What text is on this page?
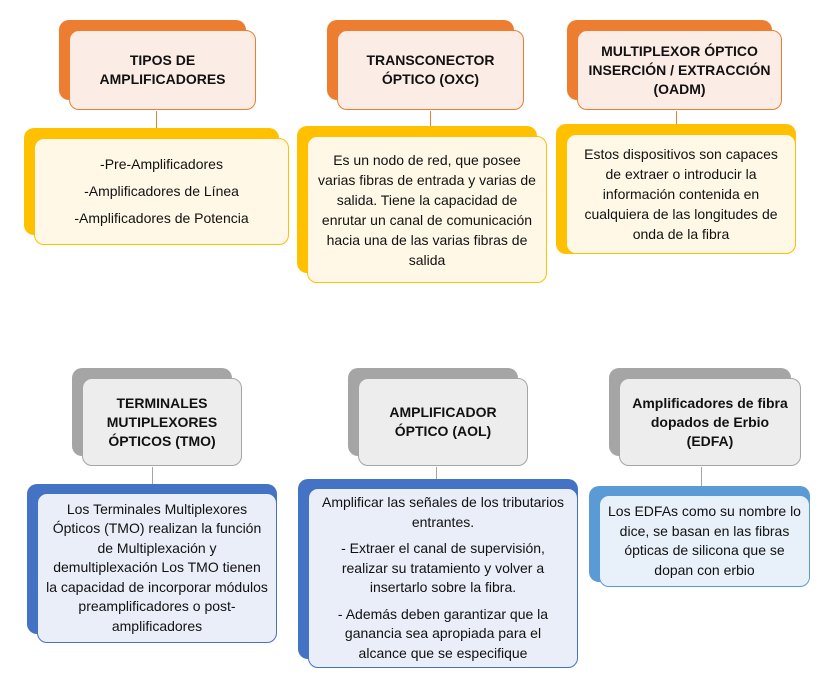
TIPOS DE AMPLIFICADORES

-Pre-Amplificadores

-Amplificadores de Línea

-Amplificadores de Potencia

TRANSCONECTOR ÓPTICO (OXC)
Es un nodo de red, que posee varias fibras de entrada y varias de salida. Tiene la capacidad de enrutar un canal de comunicación hacia una de las varias fibras de salida
MULTIPLEXOR ÓPTICO INSERCIÓN / EXTRACCIÓN (OADM)
Estos dispositivos son capaces de extraer o introducir la información contenida en cualquiera de las longitudes de onda de la fibra
TERMINALES MUTIPLEXORES ÓPTICOS (TMO)
Los Terminales Multiplexores Ópticos (TMO) realizan la función de Multiplexación y demultiplexación Los TMO tienen la capacidad de incorporar módulos preamplificadores o post-amplificadores
AMPLIFICADOR ÓPTICO (AOL)

Amplificar las señales de los tributarios entrantes.

- Extraer el canal de supervisión, realizar su tratamiento y volver a insertarlo sobre la fibra.

- Además deben garantizar que la ganancia sea apropiada para el alcance que se especifique

Amplificadores de fibra dopados de Erbio (EDFA)
Los EDFAs como su nombre lo dice, se basan en las fibras ópticas de silicona que se dopan con erbio
